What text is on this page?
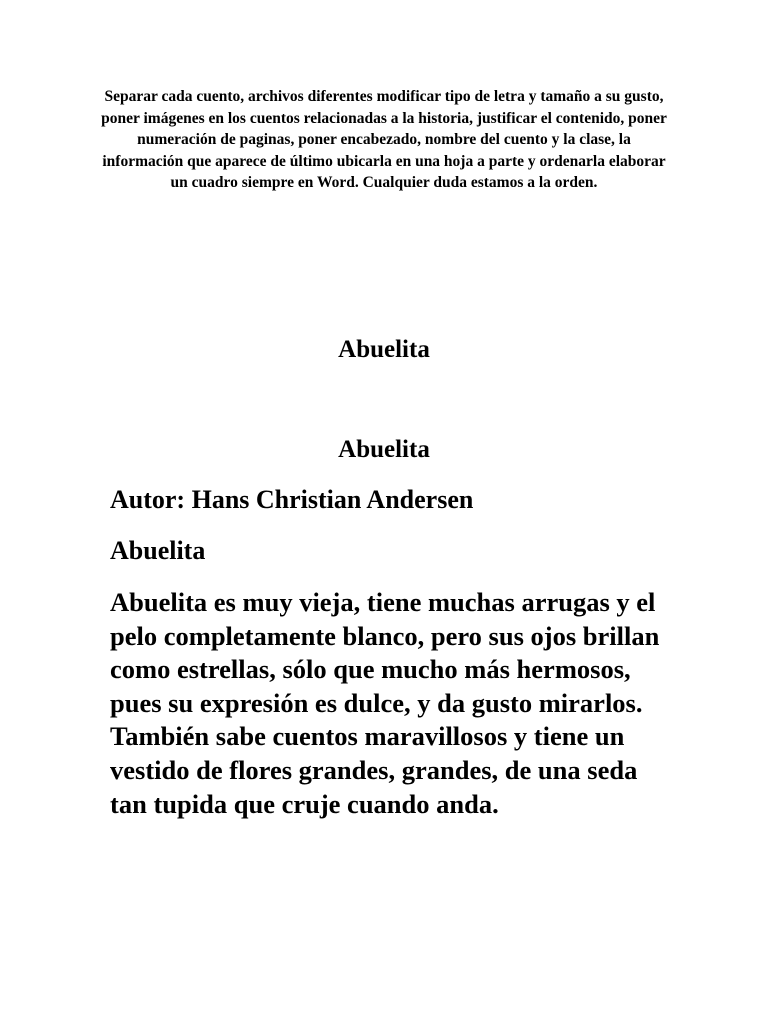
Separar cada cuento, archivos diferentes modificar tipo de letra y tamaño a su gusto, poner imágenes en los cuentos relacionadas a la historia, justificar el contenido, poner numeración de paginas, poner encabezado, nombre del cuento y la clase, la información que aparece de último ubicarla en una hoja a parte y ordenarla elaborar un cuadro siempre en Word. Cualquier duda estamos a la orden.

Abuelita
Abuelita

Autor: Hans Christian Andersen

Abuelita

Abuelita es muy vieja, tiene muchas arrugas y el pelo completamente blanco, pero sus ojos brillan como estrellas, sólo que mucho más hermosos, pues su expresión es dulce, y da gusto mirarlos. También sabe cuentos maravillosos y tiene un vestido de flores grandes, grandes, de una seda tan tupida que cruje cuando anda.
